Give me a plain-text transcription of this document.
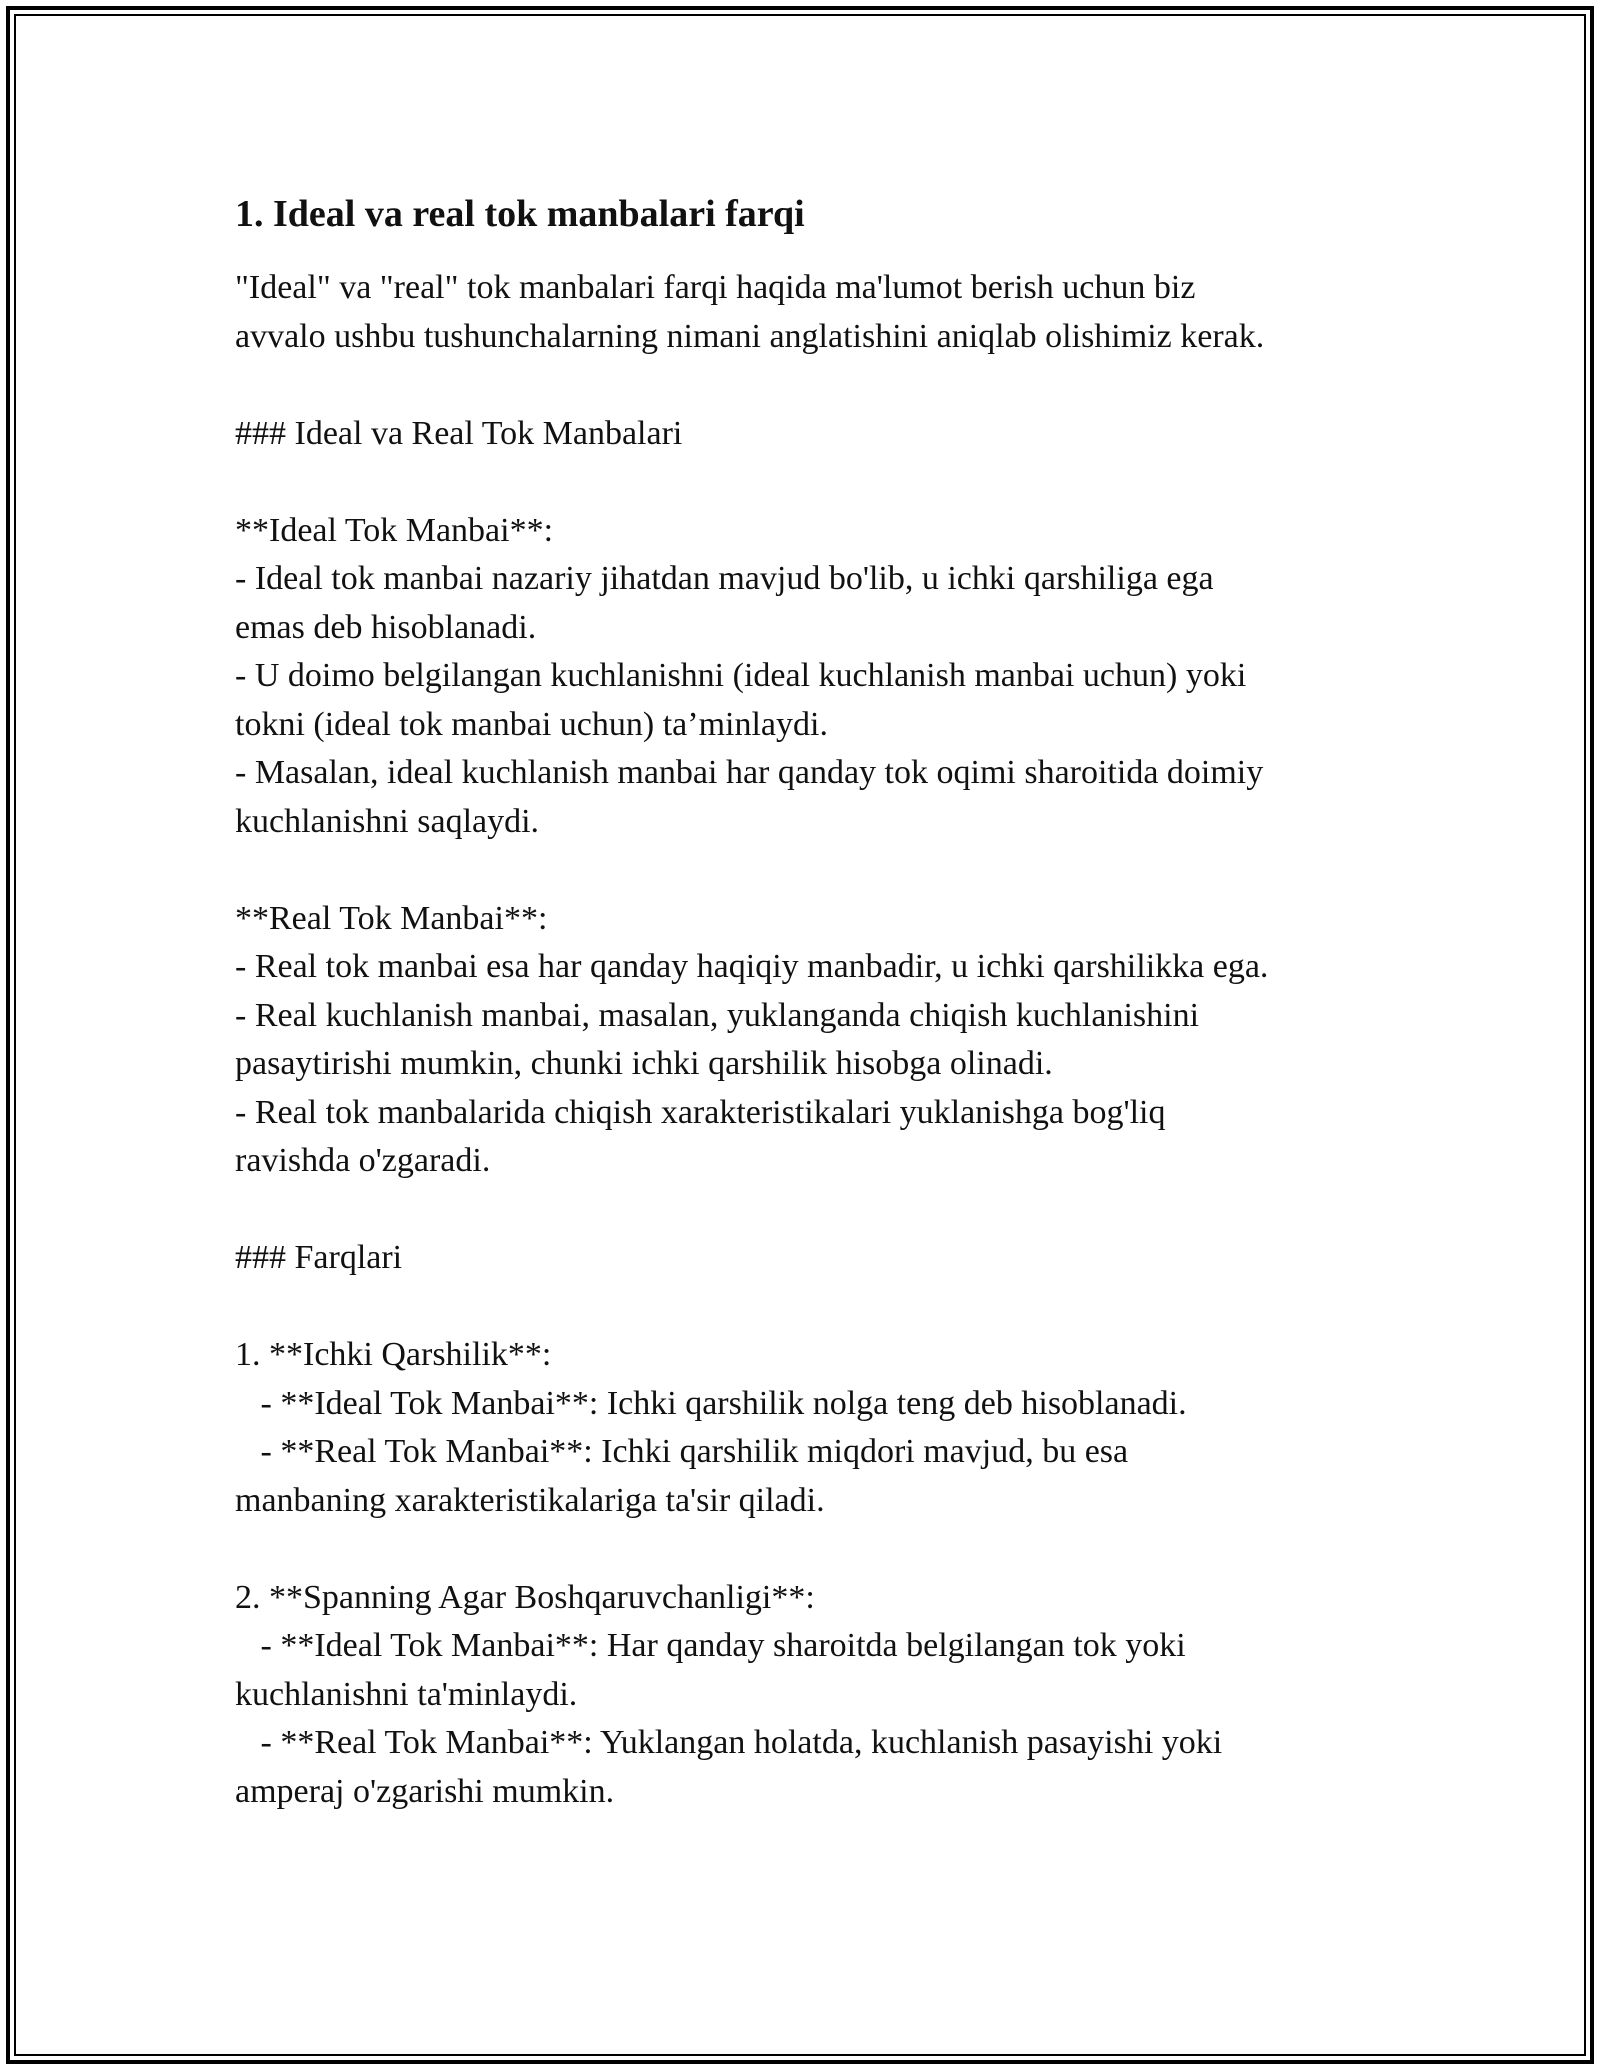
1. Ideal va real tok manbalari farqi
"Ideal" va "real" tok manbalari farqi haqida ma'lumot berish uchun biz
avvalo ushbu tushunchalarning nimani anglatishini aniqlab olishimiz kerak.
### Ideal va Real Tok Manbalari
**Ideal Tok Manbai**:
- Ideal tok manbai nazariy jihatdan mavjud bo'lib, u ichki qarshiliga ega
emas deb hisoblanadi.
- U doimo belgilangan kuchlanishni (ideal kuchlanish manbai uchun) yoki
tokni (ideal tok manbai uchun) ta’minlaydi.
- Masalan, ideal kuchlanish manbai har qanday tok oqimi sharoitida doimiy
kuchlanishni saqlaydi.
**Real Tok Manbai**:
- Real tok manbai esa har qanday haqiqiy manbadir, u ichki qarshilikka ega.
- Real kuchlanish manbai, masalan, yuklanganda chiqish kuchlanishini
pasaytirishi mumkin, chunki ichki qarshilik hisobga olinadi.
- Real tok manbalarida chiqish xarakteristikalari yuklanishga bog'liq
ravishda o'zgaradi.
### Farqlari
1. **Ichki Qarshilik**:
- **Ideal Tok Manbai**: Ichki qarshilik nolga teng deb hisoblanadi.
- **Real Tok Manbai**: Ichki qarshilik miqdori mavjud, bu esa
manbaning xarakteristikalariga ta'sir qiladi.
2. **Spanning Agar Boshqaruvchanligi**:
- **Ideal Tok Manbai**: Har qanday sharoitda belgilangan tok yoki
kuchlanishni ta'minlaydi.
- **Real Tok Manbai**: Yuklangan holatda, kuchlanish pasayishi yoki
amperaj o'zgarishi mumkin.
